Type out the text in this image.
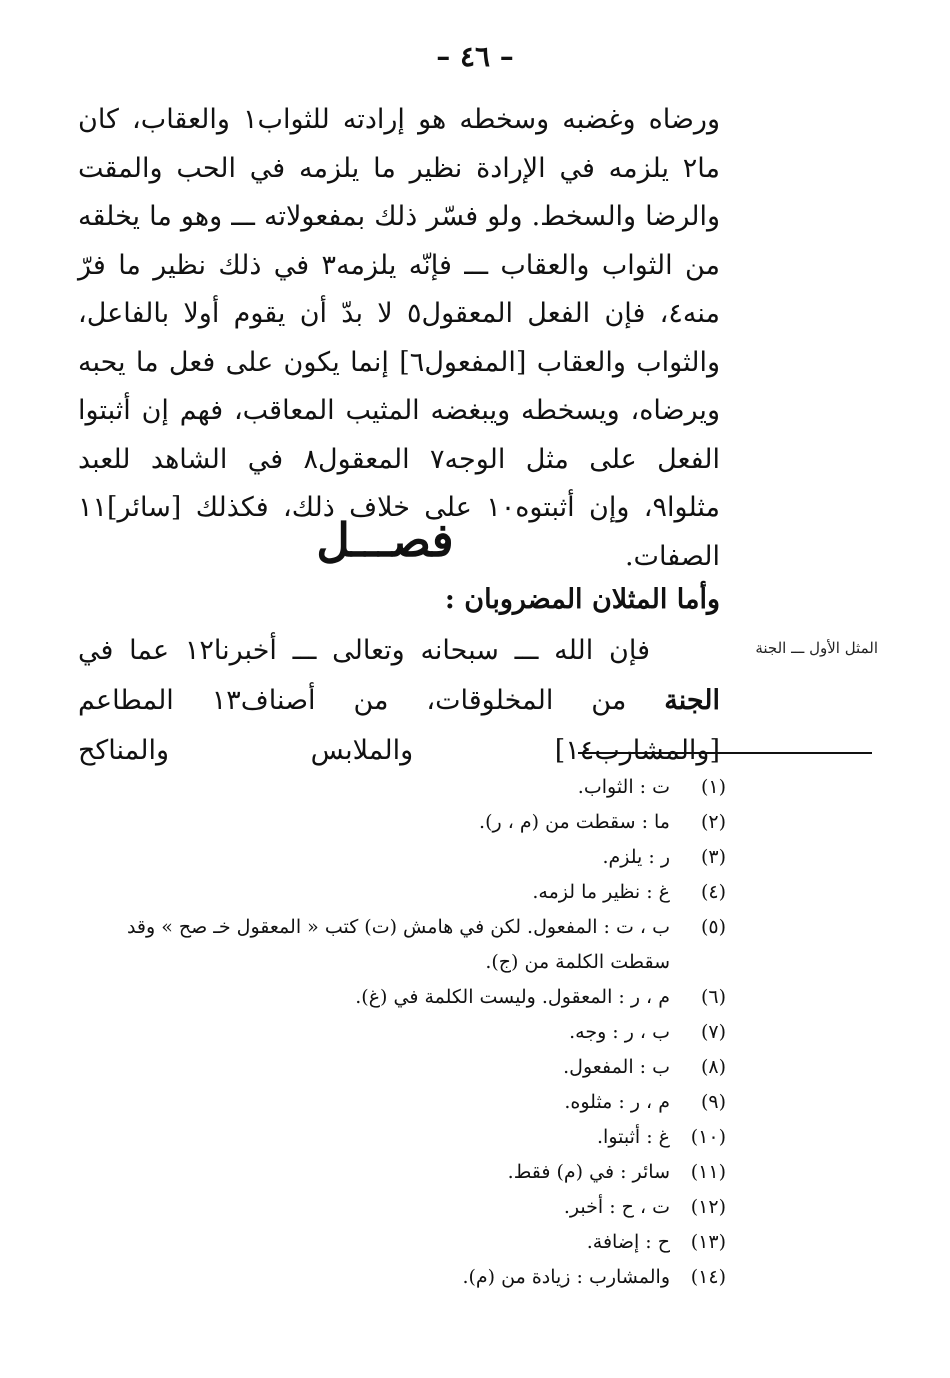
– ٤٦ –

ورضاه وغضبه وسخطه هو إرادته للثواب١ والعقاب، كان ما٢ يلزمه في الإرادة نظير ما يلزمه في الحب والمقت والرضا والسخط. ولو فسّر ذلك بمفعولاته ـــ وهو ما يخلقه من الثواب والعقاب ـــ فإنّه يلزمه٣ في ذلك نظير ما فرّ منه٤، فإن الفعل المعقول٥ لا بدّ أن يقوم أولا بالفاعل، والثواب والعقاب [المفعول٦] إنما يكون على فعل ما يحبه ويرضاه، ويسخطه ويبغضه المثيب المعاقب، فهم إن أثبتوا الفعل على مثل الوجه٧ المعقول٨ في الشاهد للعبد مثلوا٩، وإن أثبتوه١٠ على خلاف ذلك، فكذلك [سائر]١١ الصفات.

فصـــل
وأما المثلان المضروبان :

فإن الله ـــ سبحانه وتعالى ـــ أخبرنا١٢ عما في الجنة من المخلوقات، من أصناف١٣ المطاعم [والمشارب١٤] والملابس والمناكح

المثل الأول ـــ الجنة
(١)
ت : الثواب.
(٢)
ما : سقطت من (م ، ر).
(٣)
ر : يلزم.
(٤)
غ : نظير ما لزمه.
(٥)
ب ، ت : المفعول. لكن في هامش (ت) كتب « المعقول خـ صح » وقد سقطت الكلمة من (ج).
(٦)
م ، ر : المعقول. وليست الكلمة في (غ).
(٧)
ب ، ر : وجه.
(٨)
ب : المفعول.
(٩)
م ، ر : مثلوه.
(١٠)
غ : أثبتوا.
(١١)
سائر : في (م) فقط.
(١٢)
ت ، ح : أخبر.
(١٣)
ح : إضافة.
(١٤)
والمشارب : زيادة من (م).
